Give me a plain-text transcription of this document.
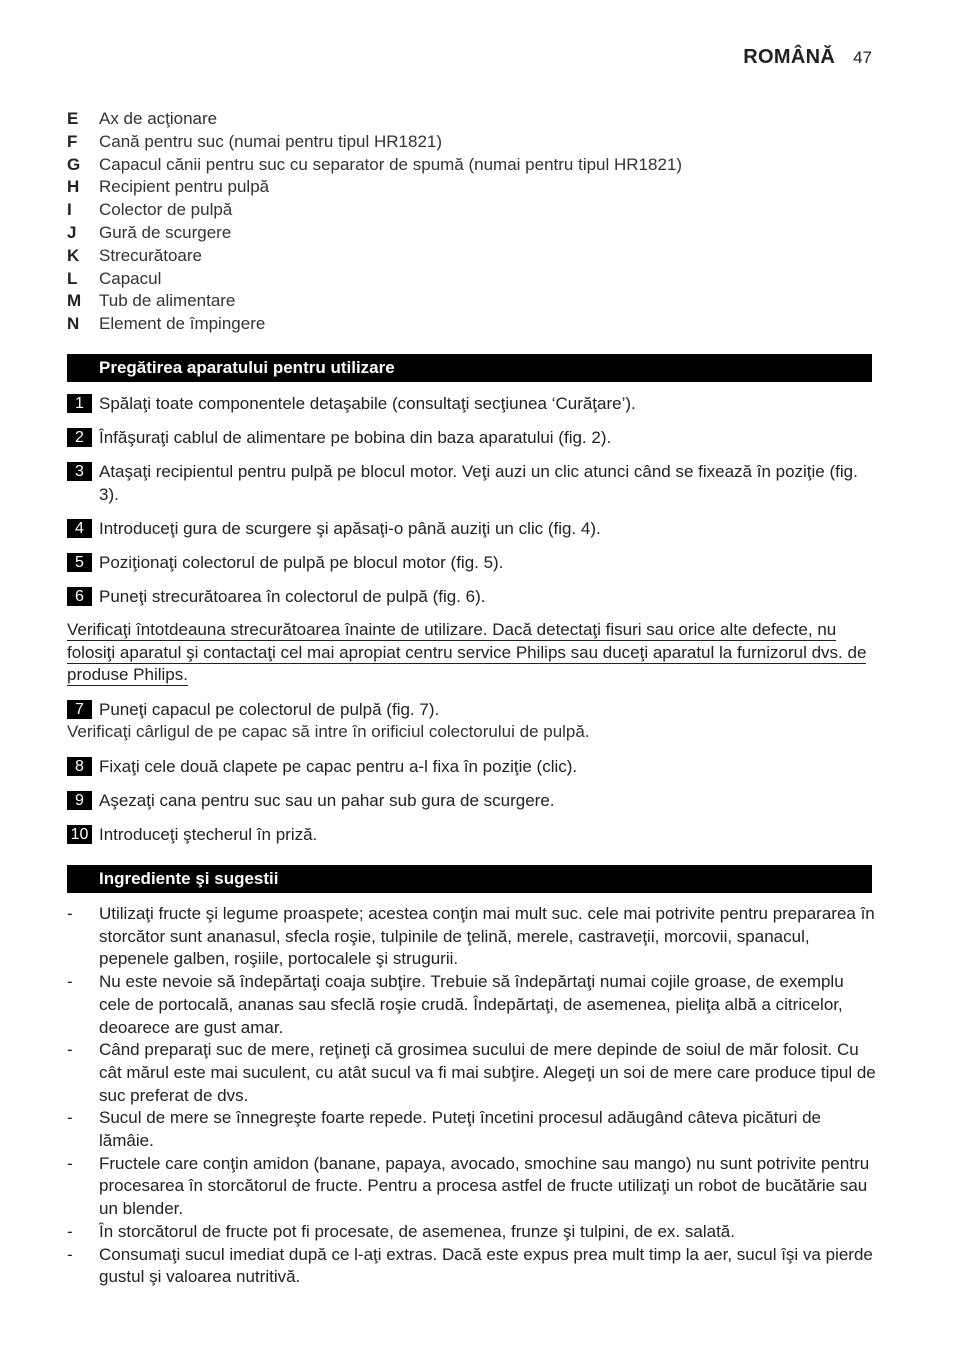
ROMÂNĂ 47
E	Ax de acţionare
F	Cană pentru suc (numai pentru tipul HR1821)
G	Capacul cănii pentru suc cu separator de spumă (numai pentru tipul HR1821)
H	Recipient pentru pulpă
I	Colector de pulpă
J	Gură de scurgere
K	Strecurătoare
L	Capacul
M	Tub de alimentare
N	Element de împingere
Pregătirea aparatului pentru utilizare
1 Spălaţi toate componentele detaşabile (consultaţi secţiunea ‘Curăţare’).
2 Înfăşuraţi cablul de alimentare pe bobina din baza aparatului (fig. 2).
3 Ataşaţi recipientul pentru pulpă pe blocul motor. Veţi auzi un clic atunci când se fixează în poziţie (fig. 3).
4 Introduceţi gura de scurgere şi apăsaţi-o până auziţi un clic (fig. 4).
5 Poziţionaţi colectorul de pulpă pe blocul motor (fig. 5).
6 Puneţi strecurătoarea în colectorul de pulpă (fig. 6).
Verificaţi întotdeauna strecurătoarea înainte de utilizare. Dacă detectaţi fisuri sau orice alte defecte, nu folosiţi aparatul şi contactaţi cel mai apropiat centru service Philips sau duceţi aparatul la furnizorul dvs. de produse Philips.
7 Puneţi capacul pe colectorul de pulpă (fig. 7).
Verificaţi cârligul de pe capac să intre în orificiul colectorului de pulpă.
8 Fixaţi cele două clapete pe capac pentru a-l fixa în poziţie (clic).
9 Aşezaţi cana pentru suc sau un pahar sub gura de scurgere.
10 Introduceţi ştecherul în priză.
Ingrediente şi sugestii
-	Utilizaţi fructe şi legume proaspete; acestea conţin mai mult suc. cele mai potrivite pentru prepararea în storcător sunt ananasul, sfecla roşie, tulpinile de ţelină, merele, castraveţii, morcovii, spanacul, pepenele galben, roşiile, portocalele şi strugurii.
-	Nu este nevoie să îndepărtaţi coaja subţire. Trebuie să îndepărtaţi numai cojile groase, de exemplu cele de portocală, ananas sau sfeclă roşie crudă. Îndepărtaţi, de asemenea, pieliţa albă a citricelor, deoarece are gust amar.
-	Când preparaţi suc de mere, reţineţi că grosimea sucului de mere depinde de soiul de măr folosit. Cu cât mărul este mai suculent, cu atât sucul va fi mai subţire. Alegeţi un soi de mere care produce tipul de suc preferat de dvs.
-	Sucul de mere se înnegreşte foarte repede. Puteţi încetini procesul adăugând câteva picături de lămâie.
-	Fructele care conţin amidon (banane, papaya, avocado, smochine sau mango) nu sunt potrivite pentru procesarea în storcătorul de fructe. Pentru a procesa astfel de fructe utilizaţi un robot de bucătărie sau un blender.
-	În storcătorul de fructe pot fi procesate, de asemenea, frunze şi tulpini, de ex. salată.
-	Consumaţi sucul imediat după ce l-aţi extras. Dacă este expus prea mult timp la aer, sucul îşi va pierde gustul şi valoarea nutritivă.
